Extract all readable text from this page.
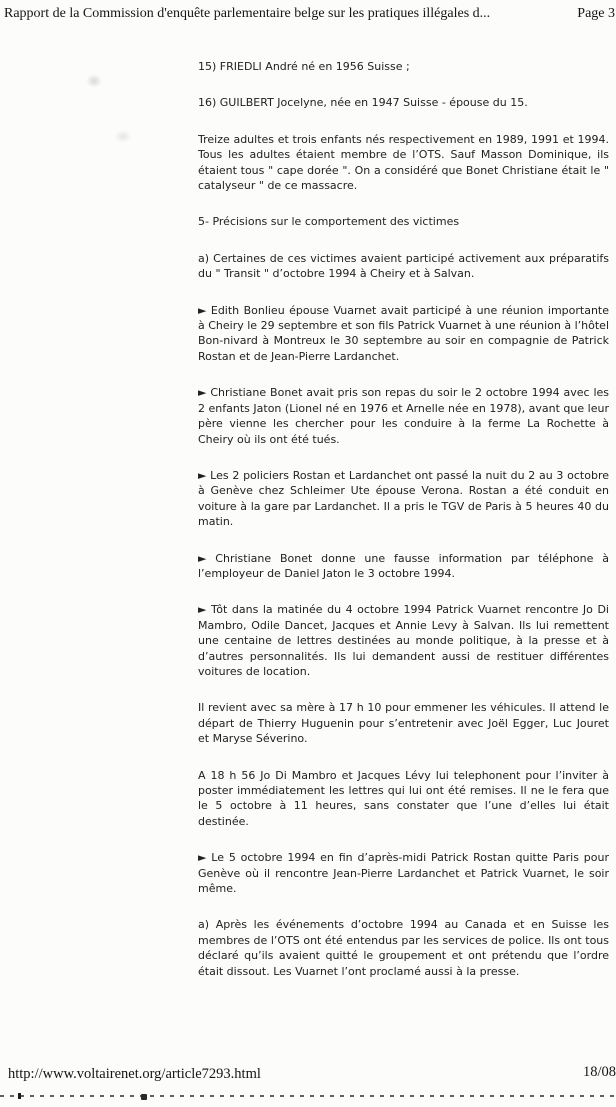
Rapport de la Commission d'enquête parlementaire belge sur les pratiques illégales d...	Page 3

15) FRIEDLI André né en 1956 Suisse ;

16) GUILBERT Jocelyne, née en 1947 Suisse - épouse du 15.

Treize adultes et trois enfants nés respectivement en 1989, 1991 et 1994. Tous les adultes étaient membre de l’OTS. Sauf Masson Dominique, ils étaient tous " cape dorée ". On a considéré que Bonet Christiane était le " catalyseur " de ce massacre.

5- Précisions sur le comportement des victimes

a) Certaines de ces victimes avaient participé activement aux préparatifs du " Transit " d’octobre 1994 à Cheiry et à Salvan.

► Edith Bonlieu épouse Vuarnet avait participé à une réunion importante à Cheiry le 29 septembre et son fils Patrick Vuarnet à une réunion à l’hôtel Bon-nivard à Montreux le 30 septembre au soir en compagnie de Patrick Rostan et de Jean-Pierre Lardanchet.

► Christiane Bonet avait pris son repas du soir le 2 octobre 1994 avec les 2 enfants Jaton (Lionel né en 1976 et Arnelle née en 1978), avant que leur père vienne les chercher pour les conduire à la ferme La Rochette à Cheiry où ils ont été tués.

► Les 2 policiers Rostan et Lardanchet ont passé la nuit du 2 au 3 octobre à Genève chez Schleimer Ute épouse Verona. Rostan a été conduit en voiture à la gare par Lardanchet. Il a pris le TGV de Paris à 5 heures 40 du matin.

► Christiane Bonet donne une fausse information par téléphone à l’employeur de Daniel Jaton le 3 octobre 1994.

► Tôt dans la matinée du 4 octobre 1994 Patrick Vuarnet rencontre Jo Di Mambro, Odile Dancet, Jacques et Annie Levy à Salvan. Ils lui remettent une centaine de lettres destinées au monde politique, à la presse et à d’autres personnalités. Ils lui demandent aussi de restituer différentes voitures de location.

Il revient avec sa mère à 17 h 10 pour emmener les véhicules. Il attend le départ de Thierry Huguenin pour s’entretenir avec Joël Egger, Luc Jouret et Maryse Séverino.

A 18 h 56 Jo Di Mambro et Jacques Lévy lui telephonent pour l’inviter à poster immédiatement les lettres qui lui ont été remises. Il ne le fera que le 5 octobre à 11 heures, sans constater que l’une d’elles lui était destinée.

► Le 5 octobre 1994 en fin d’après-midi Patrick Rostan quitte Paris pour Genève où il rencontre Jean-Pierre Lardanchet et Patrick Vuarnet, le soir même.

a) Après les événements d’octobre 1994 au Canada et en Suisse les membres de l’OTS ont été entendus par les services de police. Ils ont tous déclaré qu’ils avaient quitté le groupement et ont prétendu que l’ordre était dissout. Les Vuarnet l’ont proclamé aussi à la presse.

http://www.voltairenet.org/article7293.html	18/08
